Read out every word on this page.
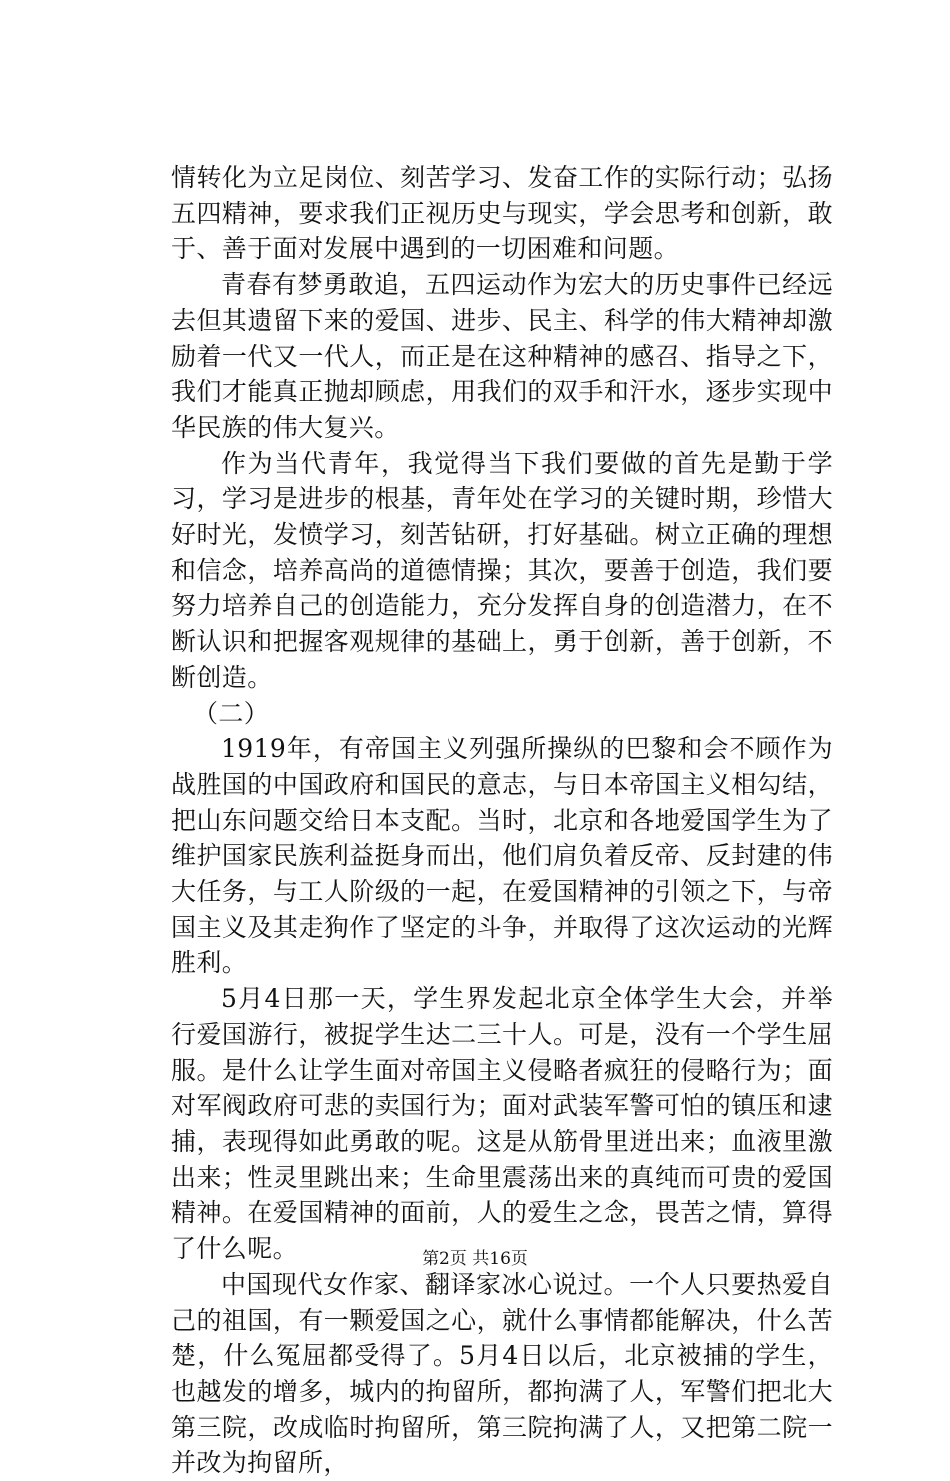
情转化为立足岗位、刻苦学习、发奋工作的实际行动；弘扬五四精神，要求我们正视历史与现实，学会思考和创新，敢于、善于面对发展中遇到的一切困难和问题。

青春有梦勇敢追，五四运动作为宏大的历史事件已经远去但其遗留下来的爱国、进步、民主、科学的伟大精神却激励着一代又一代人，而正是在这种精神的感召、指导之下，我们才能真正抛却顾虑，用我们的双手和汗水，逐步实现中华民族的伟大复兴。

作为当代青年，我觉得当下我们要做的首先是勤于学习，学习是进步的根基，青年处在学习的关键时期，珍惜大好时光，发愤学习，刻苦钻研，打好基础。树立正确的理想和信念，培养高尚的道德情操；其次，要善于创造，我们要努力培养自己的创造能力，充分发挥自身的创造潜力，在不断认识和把握客观规律的基础上，勇于创新，善于创新，不断创造。

（二）

1919年，有帝国主义列强所操纵的巴黎和会不顾作为战胜国的中国政府和国民的意志，与日本帝国主义相勾结，把山东问题交给日本支配。当时，北京和各地爱国学生为了维护国家民族利益挺身而出，他们肩负着反帝、反封建的伟大任务，与工人阶级的一起，在爱国精神的引领之下，与帝国主义及其走狗作了坚定的斗争，并取得了这次运动的光辉胜利。

5月4日那一天，学生界发起北京全体学生大会，并举行爱国游行，被捉学生达二三十人。可是，没有一个学生屈服。是什么让学生面对帝国主义侵略者疯狂的侵略行为；面对军阀政府可悲的卖国行为；面对武装军警可怕的镇压和逮捕，表现得如此勇敢的呢。这是从筋骨里迸出来；血液里激出来；性灵里跳出来；生命里震荡出来的真纯而可贵的爱国精神。在爱国精神的面前，人的爱生之念，畏苦之情，算得了什么呢。

中国现代女作家、翻译家冰心说过。一个人只要热爱自己的祖国，有一颗爱国之心，就什么事情都能解决，什么苦楚，什么冤屈都受得了。5月4日以后，北京被捕的学生，也越发的增多，城内的拘留所，都拘满了人，军警们把北大第三院，改成临时拘留所，第三院拘满了人，又把第二院一并改为拘留所，

第2页 共16页
